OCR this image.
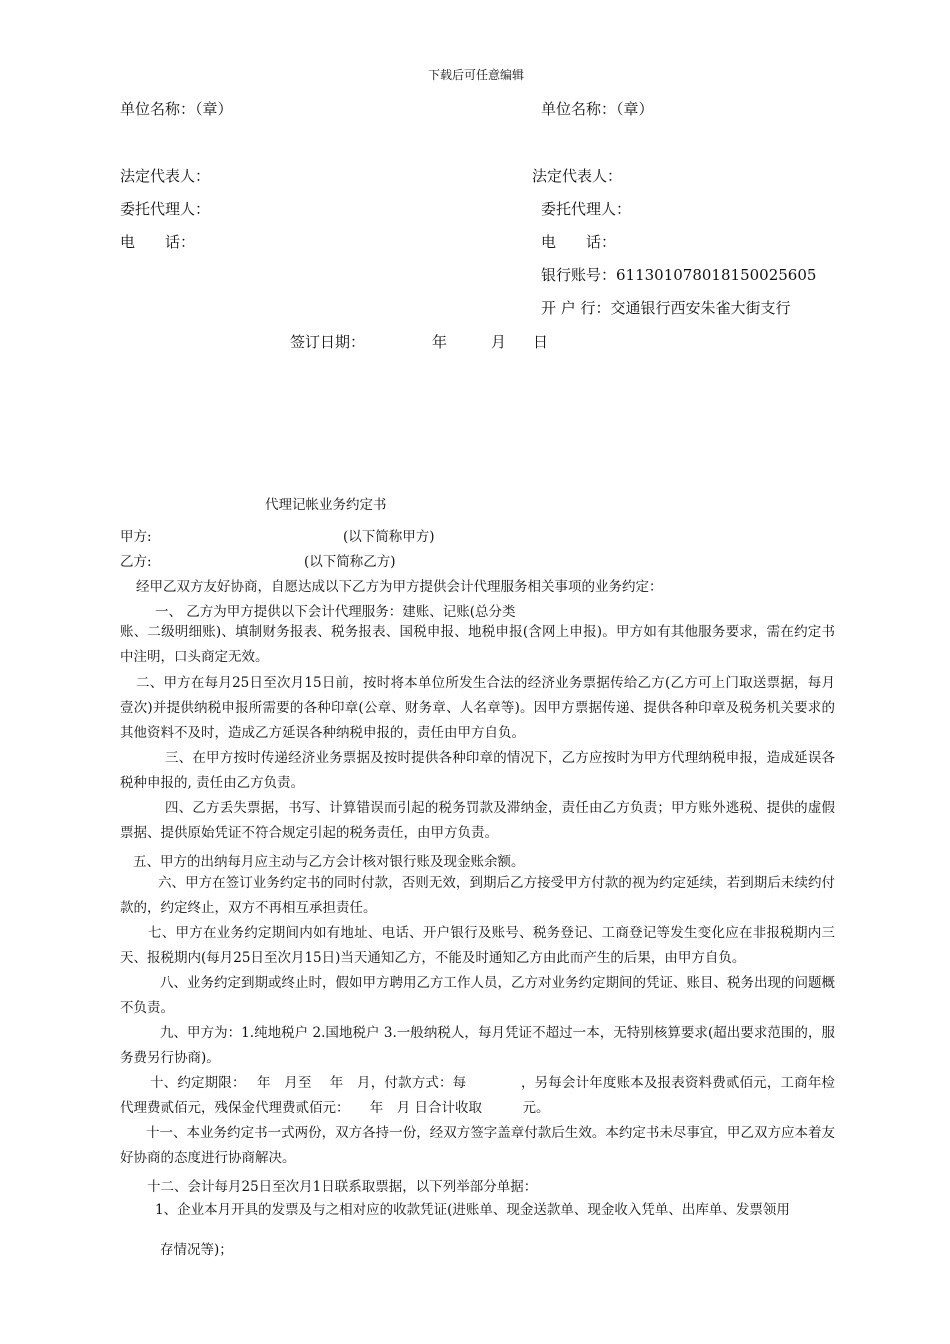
下载后可任意编辑
单位名称：（章）	单位名称：（章）
法定代表人：	法定代表人：
委托代理人：	委托代理人：
电　　话：	电　　话：
银行账号：611301078018150025605
开 户 行：交通银行西安朱雀大街支行
签订日期：	年	月 日
代理记帐业务约定书
甲方:	(以下简称甲方)
乙方:	(以下简称乙方)
经甲乙双方友好协商，自愿达成以下乙方为甲方提供会计代理服务相关事项的业务约定：
一、 乙方为甲方提供以下会计代理服务：建账、记账(总分类
账、二级明细账)、填制财务报表、税务报表、国税申报、地税申报(含网上申报)。甲方如有其他服务要求，需在约定书中注明，口头商定无效。
二、甲方在每月25日至次月15日前，按时将本单位所发生合法的经济业务票据传给乙方(乙方可上门取送票据，每月壹次)并提供纳税申报所需要的各种印章(公章、财务章、人名章等)。因甲方票据传递、提供各种印章及税务机关要求的其他资料不及时，造成乙方延误各种纳税申报的，责任由甲方自负。
三、在甲方按时传递经济业务票据及按时提供各种印章的情况下，乙方应按时为甲方代理纳税申报，造成延误各税种申报的, 责任由乙方负责。
四、乙方丢失票据，书写、计算错误而引起的税务罚款及滞纳金，责任由乙方负责；甲方账外逃税、提供的虚假票据、提供原始凭证不符合规定引起的税务责任，由甲方负责。
五、甲方的出纳每月应主动与乙方会计核对银行账及现金账余额。
六、甲方在签订业务约定书的同时付款，否则无效，到期后乙方接受甲方付款的视为约定延续，若到期后未续约付款的，约定终止，双方不再相互承担责任。
七、甲方在业务约定期间内如有地址、电话、开户银行及账号、税务登记、工商登记等发生变化应在非报税期内三天、报税期内(每月25日至次月15日)当天通知乙方，不能及时通知乙方由此而产生的后果，由甲方自负。
八、业务约定到期或终止时，假如甲方聘用乙方工作人员，乙方对业务约定期间的凭证、账目、税务出现的问题概不负责。
九、甲方为：1.纯地税户 2.国地税户 3.一般纳税人，每月凭证不超过一本，无特别核算要求(超出要求范围的，服务费另行协商)。
十、约定期限：　 年　月至　 年　月，付款方式：每　　　　，另每会计年度账本及报表资料费贰佰元，工商年检代理费贰佰元，残保金代理费贰佰元：　　年　月 日合计收取　　　元。
十一、本业务约定书一式两份，双方各持一份，经双方签字盖章付款后生效。本约定书未尽事宜，甲乙双方应本着友好协商的态度进行协商解决。
十二、会计每月25日至次月1日联系取票据，以下列举部分单据：
1、企业本月开具的发票及与之相对应的收款凭证(进账单、现金送款单、现金收入凭单、出库单、发票领用
存情况等)；
